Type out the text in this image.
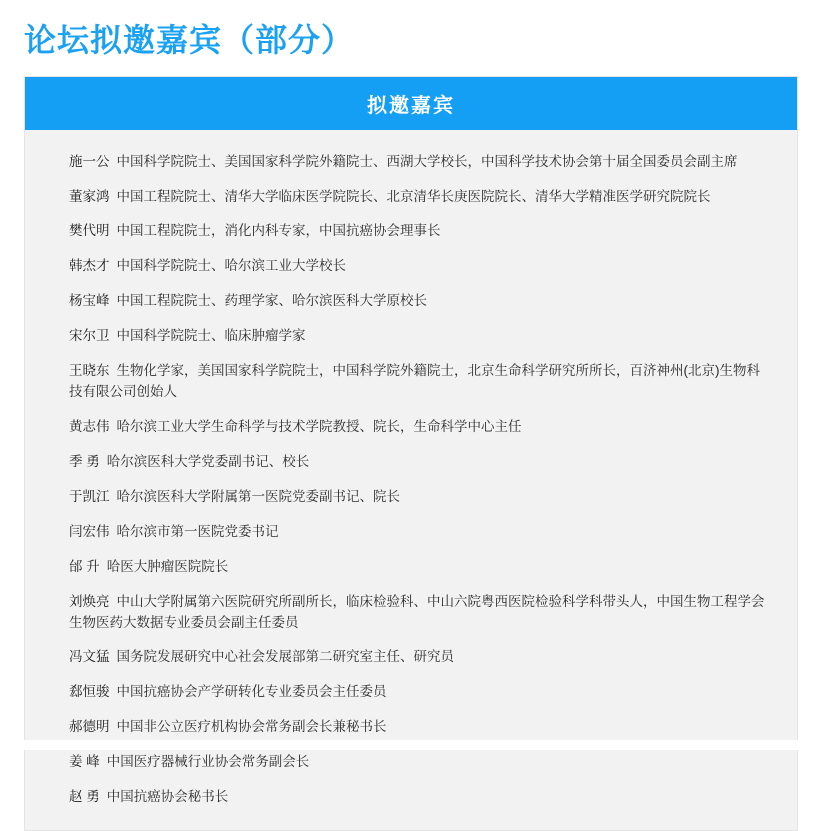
论坛拟邀嘉宾（部分）
拟邀嘉宾
施一公 中国科学院院士、美国国家科学院外籍院士、西湖大学校长，中国科学技术协会第十届全国委员会副主席
董家鸿 中国工程院院士、清华大学临床医学院院长、北京清华长庚医院院长、清华大学精准医学研究院院长
樊代明 中国工程院院士，消化内科专家，中国抗癌协会理事长
韩杰才 中国科学院院士、哈尔滨工业大学校长
杨宝峰 中国工程院院士、药理学家、哈尔滨医科大学原校长
宋尔卫 中国科学院院士、临床肿瘤学家
王晓东 生物化学家，美国国家科学院院士，中国科学院外籍院士，北京生命科学研究所所长，百济神州(北京)生物科技有限公司创始人
黄志伟 哈尔滨工业大学生命科学与技术学院教授、院长，生命科学中心主任
季 勇 哈尔滨医科大学党委副书记、校长
于凯江 哈尔滨医科大学附属第一医院党委副书记、院长
闫宏伟 哈尔滨市第一医院党委书记
邰 升 哈医大肿瘤医院院长
刘焕亮 中山大学附属第六医院研究所副所长，临床检验科、中山六院粤西医院检验科学科带头人，中国生物工程学会生物医药大数据专业委员会副主任委员
冯文猛 国务院发展研究中心社会发展部第二研究室主任、研究员
郄恒骏 中国抗癌协会产学研转化专业委员会主任委员
郝德明 中国非公立医疗机构协会常务副会长兼秘书长
姜 峰 中国医疗器械行业协会常务副会长
赵 勇 中国抗癌协会秘书长
